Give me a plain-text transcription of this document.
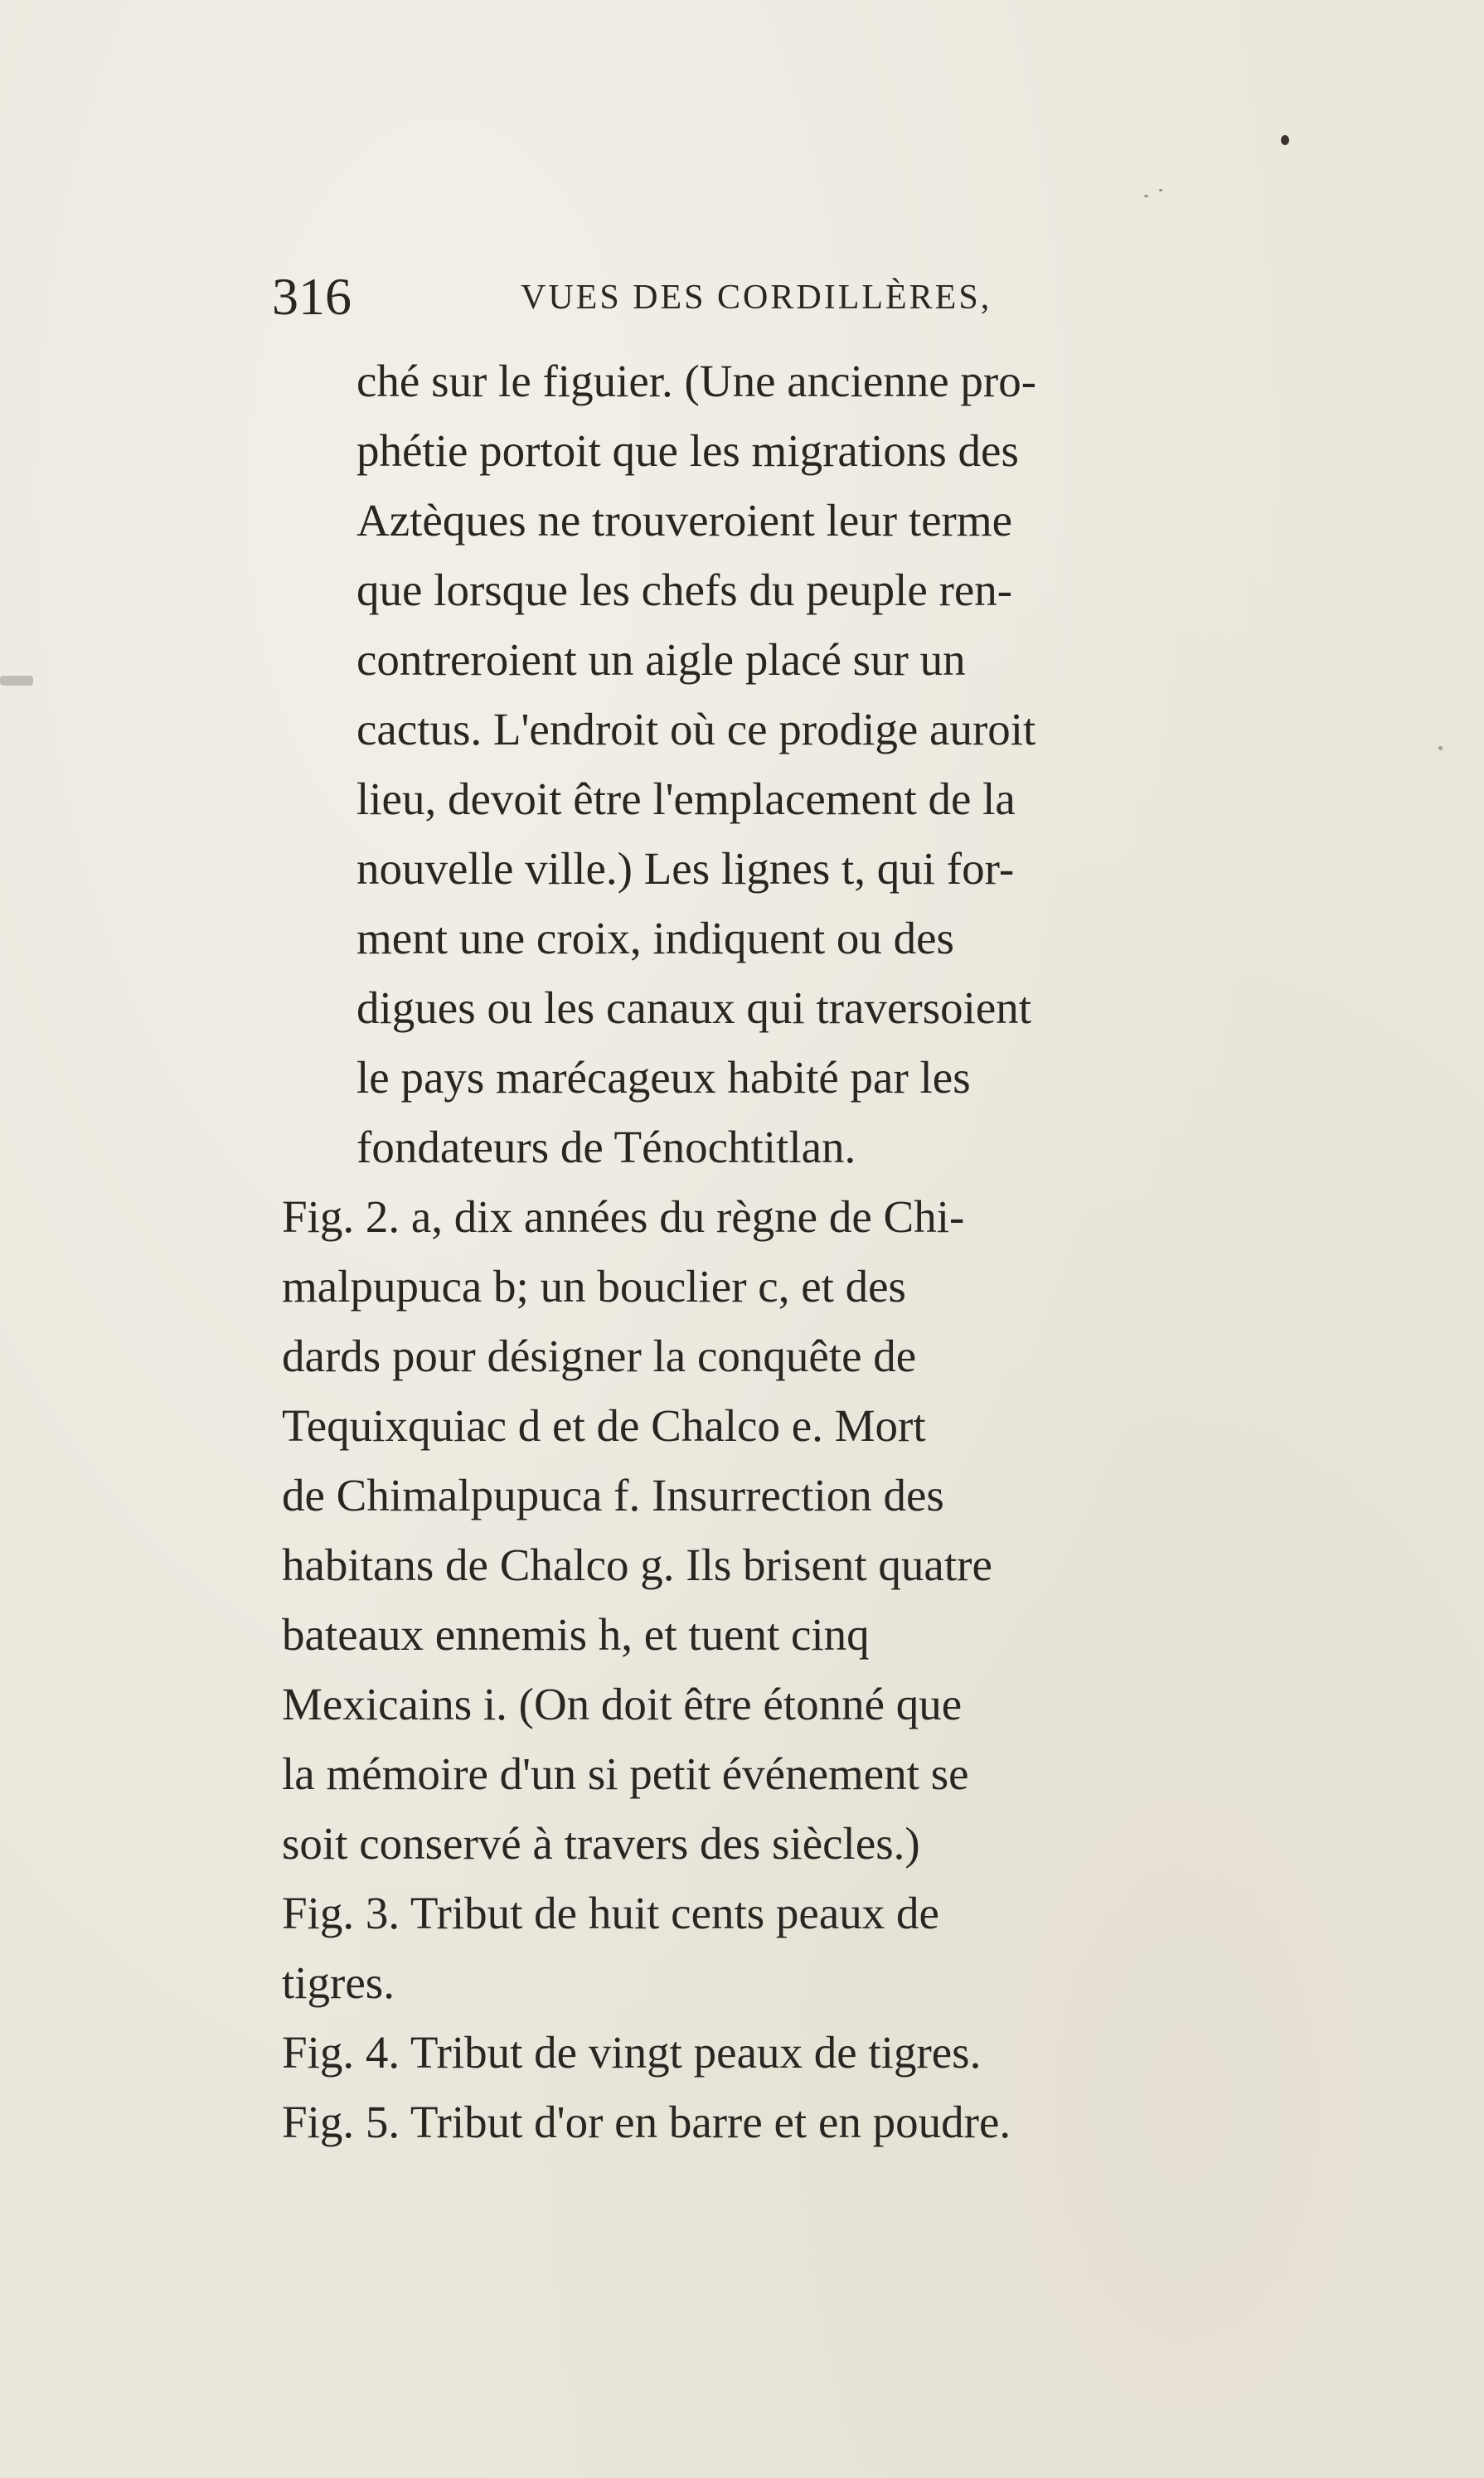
316	VUES DES CORDILLÈRES,

ché sur le figuier. (Une ancienne pro-
phétie portoit que les migrations des
Aztèques ne trouveroient leur terme
que lorsque les chefs du peuple ren-
contreroient un aigle placé sur un
cactus. L'endroit où ce prodige auroit
lieu, devoit être l'emplacement de la
nouvelle ville.) Les lignes t, qui for-
ment une croix, indiquent ou des
digues ou les canaux qui traversoient
le pays marécageux habité par les
fondateurs de Ténochtitlan.

Fig. 2. a, dix années du règne de Chi-
malpupuca b; un bouclier c, et des
dards pour désigner la conquête de
Tequixquiac d et de Chalco e. Mort
de Chimalpupuca f. Insurrection des
habitans de Chalco g. Ils brisent quatre
bateaux ennemis h, et tuent cinq
Mexicains i. (On doit être étonné que
la mémoire d'un si petit événement se
soit conservé à travers des siècles.)

Fig. 3. Tribut de huit cents peaux de
tigres.

Fig. 4. Tribut de vingt peaux de tigres.

Fig. 5. Tribut d'or en barre et en poudre.
